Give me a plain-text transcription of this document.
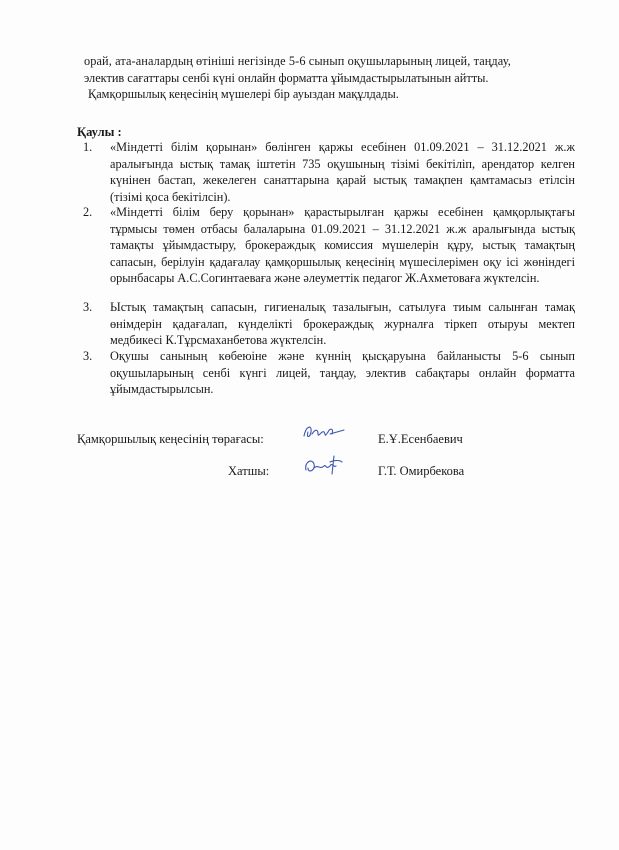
орай, ата-аналардың өтініші негізінде 5-6 сынып оқушыларының лицей, таңдау,

электив сағаттары сенбі күні онлайн форматта ұйымдастырылатынын айтты.

Қамқоршылық кеңесінің мүшелері бір ауыздан мақұлдады.

Қаулы :
1.	«Міндетті білім қорынан» бөлінген қаржы есебінен 01.09.2021 – 31.12.2021 ж.ж аралығында ыстық тамақ іштетін 735 оқушының тізімі бекітіліп, арендатор келген күнінен бастап, жекелеген санаттарына қарай ыстық тамақпен қамтамасыз етілсін (тізімі қоса бекітілсін).
2.	«Міндетті білім беру қорынан» қарастырылған қаржы есебінен қамқорлықтағы тұрмысы төмен отбасы балаларына 01.09.2021 – 31.12.2021 ж.ж аралығында ыстық тамақты ұйымдастыру, брокераждық комиссия мүшелерін құру, ыстық тамақтың сапасын, берілуін қадағалау қамқоршылық кеңесінің мүшесілерімен оқу ісі жөніндегі орынбасары А.С.Согинтаеваға және әлеуметтік педагог Ж.Ахметоваға жүктелсін.
3.	Ыстық тамақтың сапасын, гигиеналық тазалығын, сатылуға тиым салынған тамақ өнімдерін қадағалап, күнделікті брокераждық журналға тіркеп отыруы мектеп медбикесі К.Тұрсмаханбетова жүктелсін.
3.	Оқушы санының көбеюіне және күннің қысқаруына байланысты 5-6 сынып оқушыларының сенбі күнгі лицей, таңдау, электив сабақтары онлайн форматта ұйымдастырылсын.
Қамқоршылық кеңесінің төрағасы:	Е.Ұ.Есенбаевич
Хатшы:	Г.Т. Омирбекова
